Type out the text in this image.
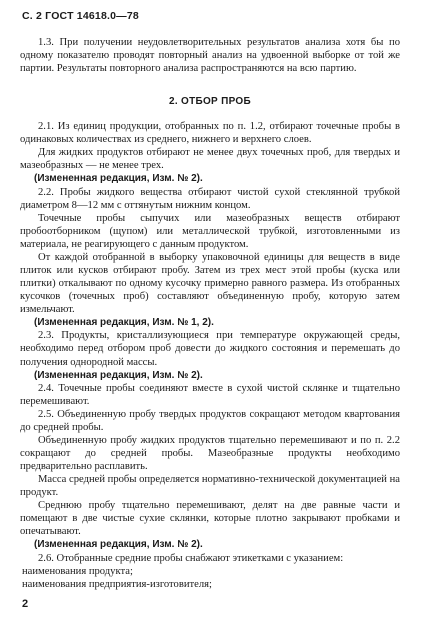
С. 2 ГОСТ 14618.0—78

1.3. При получении неудовлетворительных результатов анализа хотя бы по одному показателю проводят повторный анализ на удвоенной выборке от той же партии. Результаты повторного анализа распространяются на всю партию.

2. ОТБОР ПРОБ

2.1. Из единиц продукции, отобранных по п. 1.2, отбирают точечные пробы в одинаковых количествах из среднего, нижнего и верхнего слоев.

Для жидких продуктов отбирают не менее двух точечных проб, для твердых и мазеобразных — не менее трех.

(Измененная редакция, Изм. № 2).

2.2. Пробы жидкого вещества отбирают чистой сухой стеклянной трубкой диаметром 8—12 мм с оттянутым нижним концом.

Точечные пробы сыпучих или мазеобразных веществ отбирают пробоотборником (щупом) или металлической трубкой, изготовленными из материала, не реагирующего с данным продуктом.

От каждой отобранной в выборку упаковочной единицы для веществ в виде плиток или кусков отбирают пробу. Затем из трех мест этой пробы (куска или плитки) откалывают по одному кусочку примерно равного размера. Из отобранных кусочков (точечных проб) составляют объединенную пробу, которую затем измельчают.

(Измененная редакция, Изм. № 1, 2).

2.3. Продукты, кристаллизующиеся при температуре окружающей среды, необходимо перед отбором проб довести до жидкого состояния и перемешать до получения однородной массы.

(Измененная редакция, Изм. № 2).

2.4. Точечные пробы соединяют вместе в сухой чистой склянке и тщательно перемешивают.

2.5. Объединенную пробу твердых продуктов сокращают методом квартования до средней пробы.

Объединенную пробу жидких продуктов тщательно перемешивают и по п. 2.2 сокращают до средней пробы. Мазеобразные продукты необходимо предварительно расплавить.

Масса средней пробы определяется нормативно-технической документацией на продукт.

Среднюю пробу тщательно перемешивают, делят на две равные части и помещают в две чистые сухие склянки, которые плотно закрывают пробками и опечатывают.

(Измененная редакция, Изм. № 2).

2.6. Отобранные средние пробы снабжают этикетками с указанием:

наименования продукта;
наименования предприятия-изготовителя;
2
